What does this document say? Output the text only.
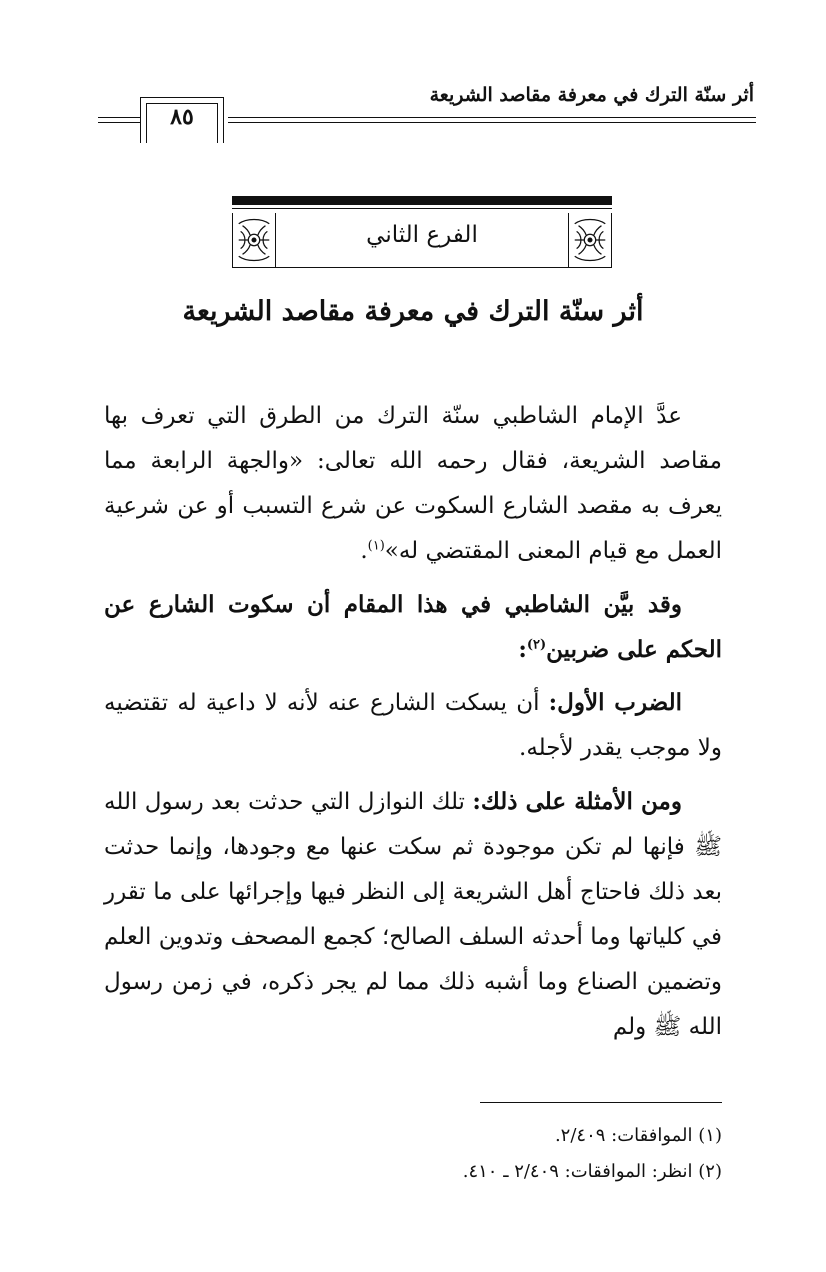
أثر سنّة الترك في معرفة مقاصد الشريعة
٨٥
الفرع الثاني
أثر سنّة الترك في معرفة مقاصد الشريعة

عدَّ الإمام الشاطبي سنّة الترك من الطرق التي تعرف بها مقاصد الشريعة، فقال رحمه الله تعالى: «والجهة الرابعة مما يعرف به مقصد الشارع السكوت عن شرع التسبب أو عن شرعية العمل مع قيام المعنى المقتضي له»$^{(١)}$.

وقد بيَّن الشاطبي في هذا المقام أن سكوت الشارع عن الحكم على ضربين$^{(٢)}$:

الضرب الأول: أن يسكت الشارع عنه لأنه لا داعية له تقتضيه ولا موجب يقدر لأجله.

ومن الأمثلة على ذلك: تلك النوازل التي حدثت بعد رسول الله ﷺ فإنها لم تكن موجودة ثم سكت عنها مع وجودها، وإنما حدثت بعد ذلك فاحتاج أهل الشريعة إلى النظر فيها وإجرائها على ما تقرر في كلياتها وما أحدثه السلف الصالح؛ كجمع المصحف وتدوين العلم وتضمين الصناع وما أشبه ذلك مما لم يجر ذكره، في زمن رسول الله ﷺ ولم

(١) الموافقات: ٢/٤٠٩.
(٢) انظر: الموافقات: ٢/٤٠٩ ـ ٤١٠.
